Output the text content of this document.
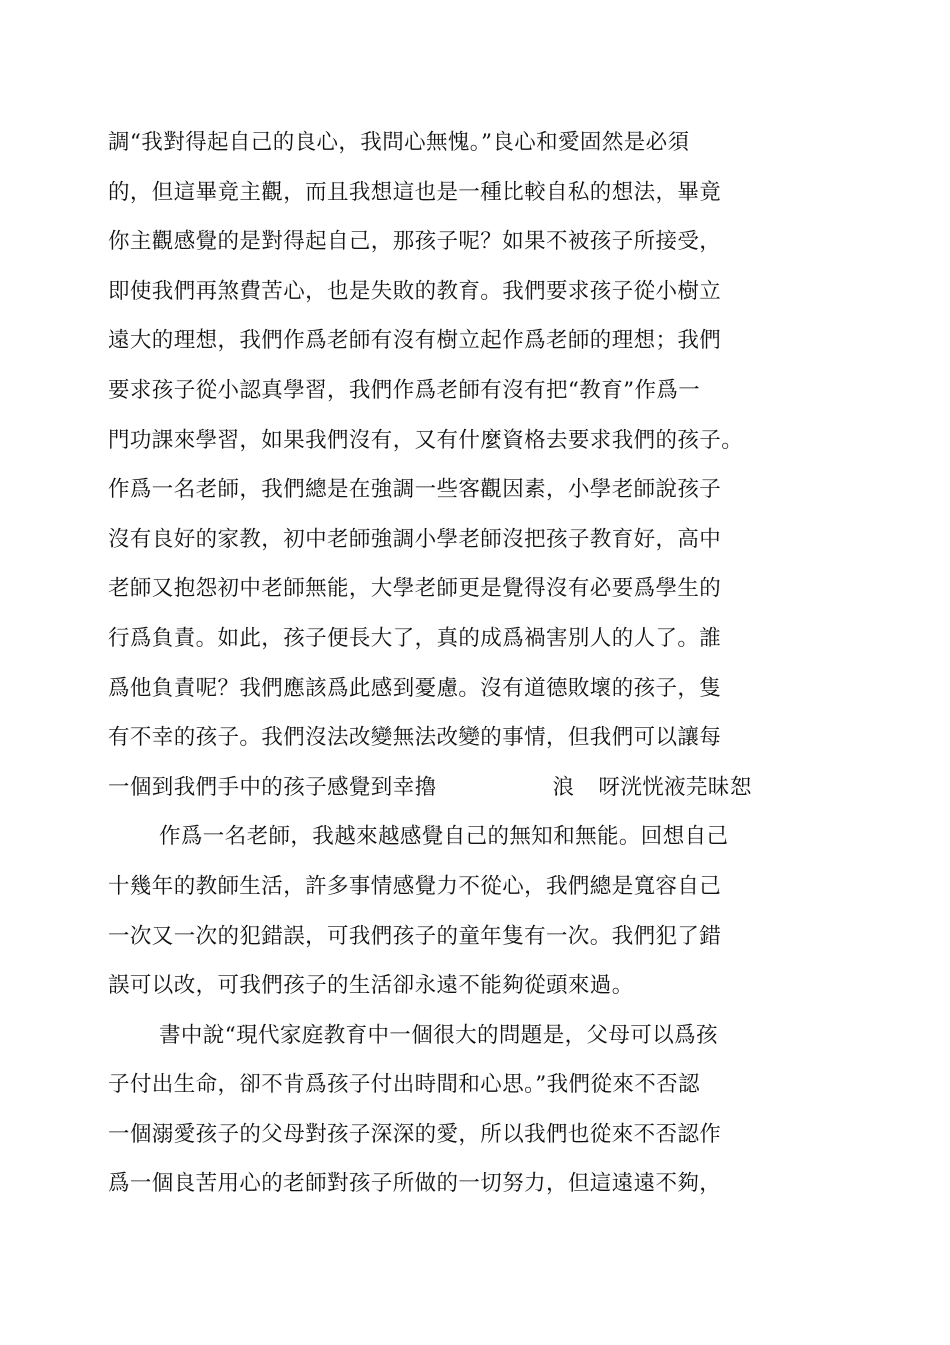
調“我對得起自己的良心，我問心無愧。”良心和愛固然是必須
的，但這畢竟主觀，而且我想這也是一種比較自私的想法，畢竟
你主觀感覺的是對得起自己，那孩子呢？如果不被孩子所接受，
即使我們再煞費苦心，也是失敗的教育。我們要求孩子從小樹立
遠大的理想，我們作爲老師有沒有樹立起作爲老師的理想；我們
要求孩子從小認真學習，我們作爲老師有沒有把“教育”作爲一
門功課來學習，如果我們沒有，又有什麼資格去要求我們的孩子。
作爲一名老師，我們總是在強調一些客觀因素，小學老師說孩子
沒有良好的家教，初中老師強調小學老師沒把孩子教育好，高中
老師又抱怨初中老師無能，大學老師更是覺得沒有必要爲學生的
行爲負責。如此，孩子便長大了，真的成爲禍害別人的人了。誰
爲他負責呢？我們應該爲此感到憂慮。沒有道德敗壞的孩子，隻
有不幸的孩子。我們沒法改變無法改變的事情，但我們可以讓每
一個到我們手中的孩子感覺到幸擼	浪 呀洸恍液芫昧恕
作爲一名老師，我越來越感覺自己的無知和無能。回想自己
十幾年的教師生活，許多事情感覺力不從心，我們總是寬容自己
一次又一次的犯錯誤，可我們孩子的童年隻有一次。我們犯了錯
誤可以改，可我們孩子的生活卻永遠不能夠從頭來過。
書中說“現代家庭教育中一個很大的問題是，父母可以爲孩
子付出生命，卻不肯爲孩子付出時間和心思。”我們從來不否認
一個溺愛孩子的父母對孩子深深的愛，所以我們也從來不否認作
爲一個良苦用心的老師對孩子所做的一切努力，但這遠遠不夠，
